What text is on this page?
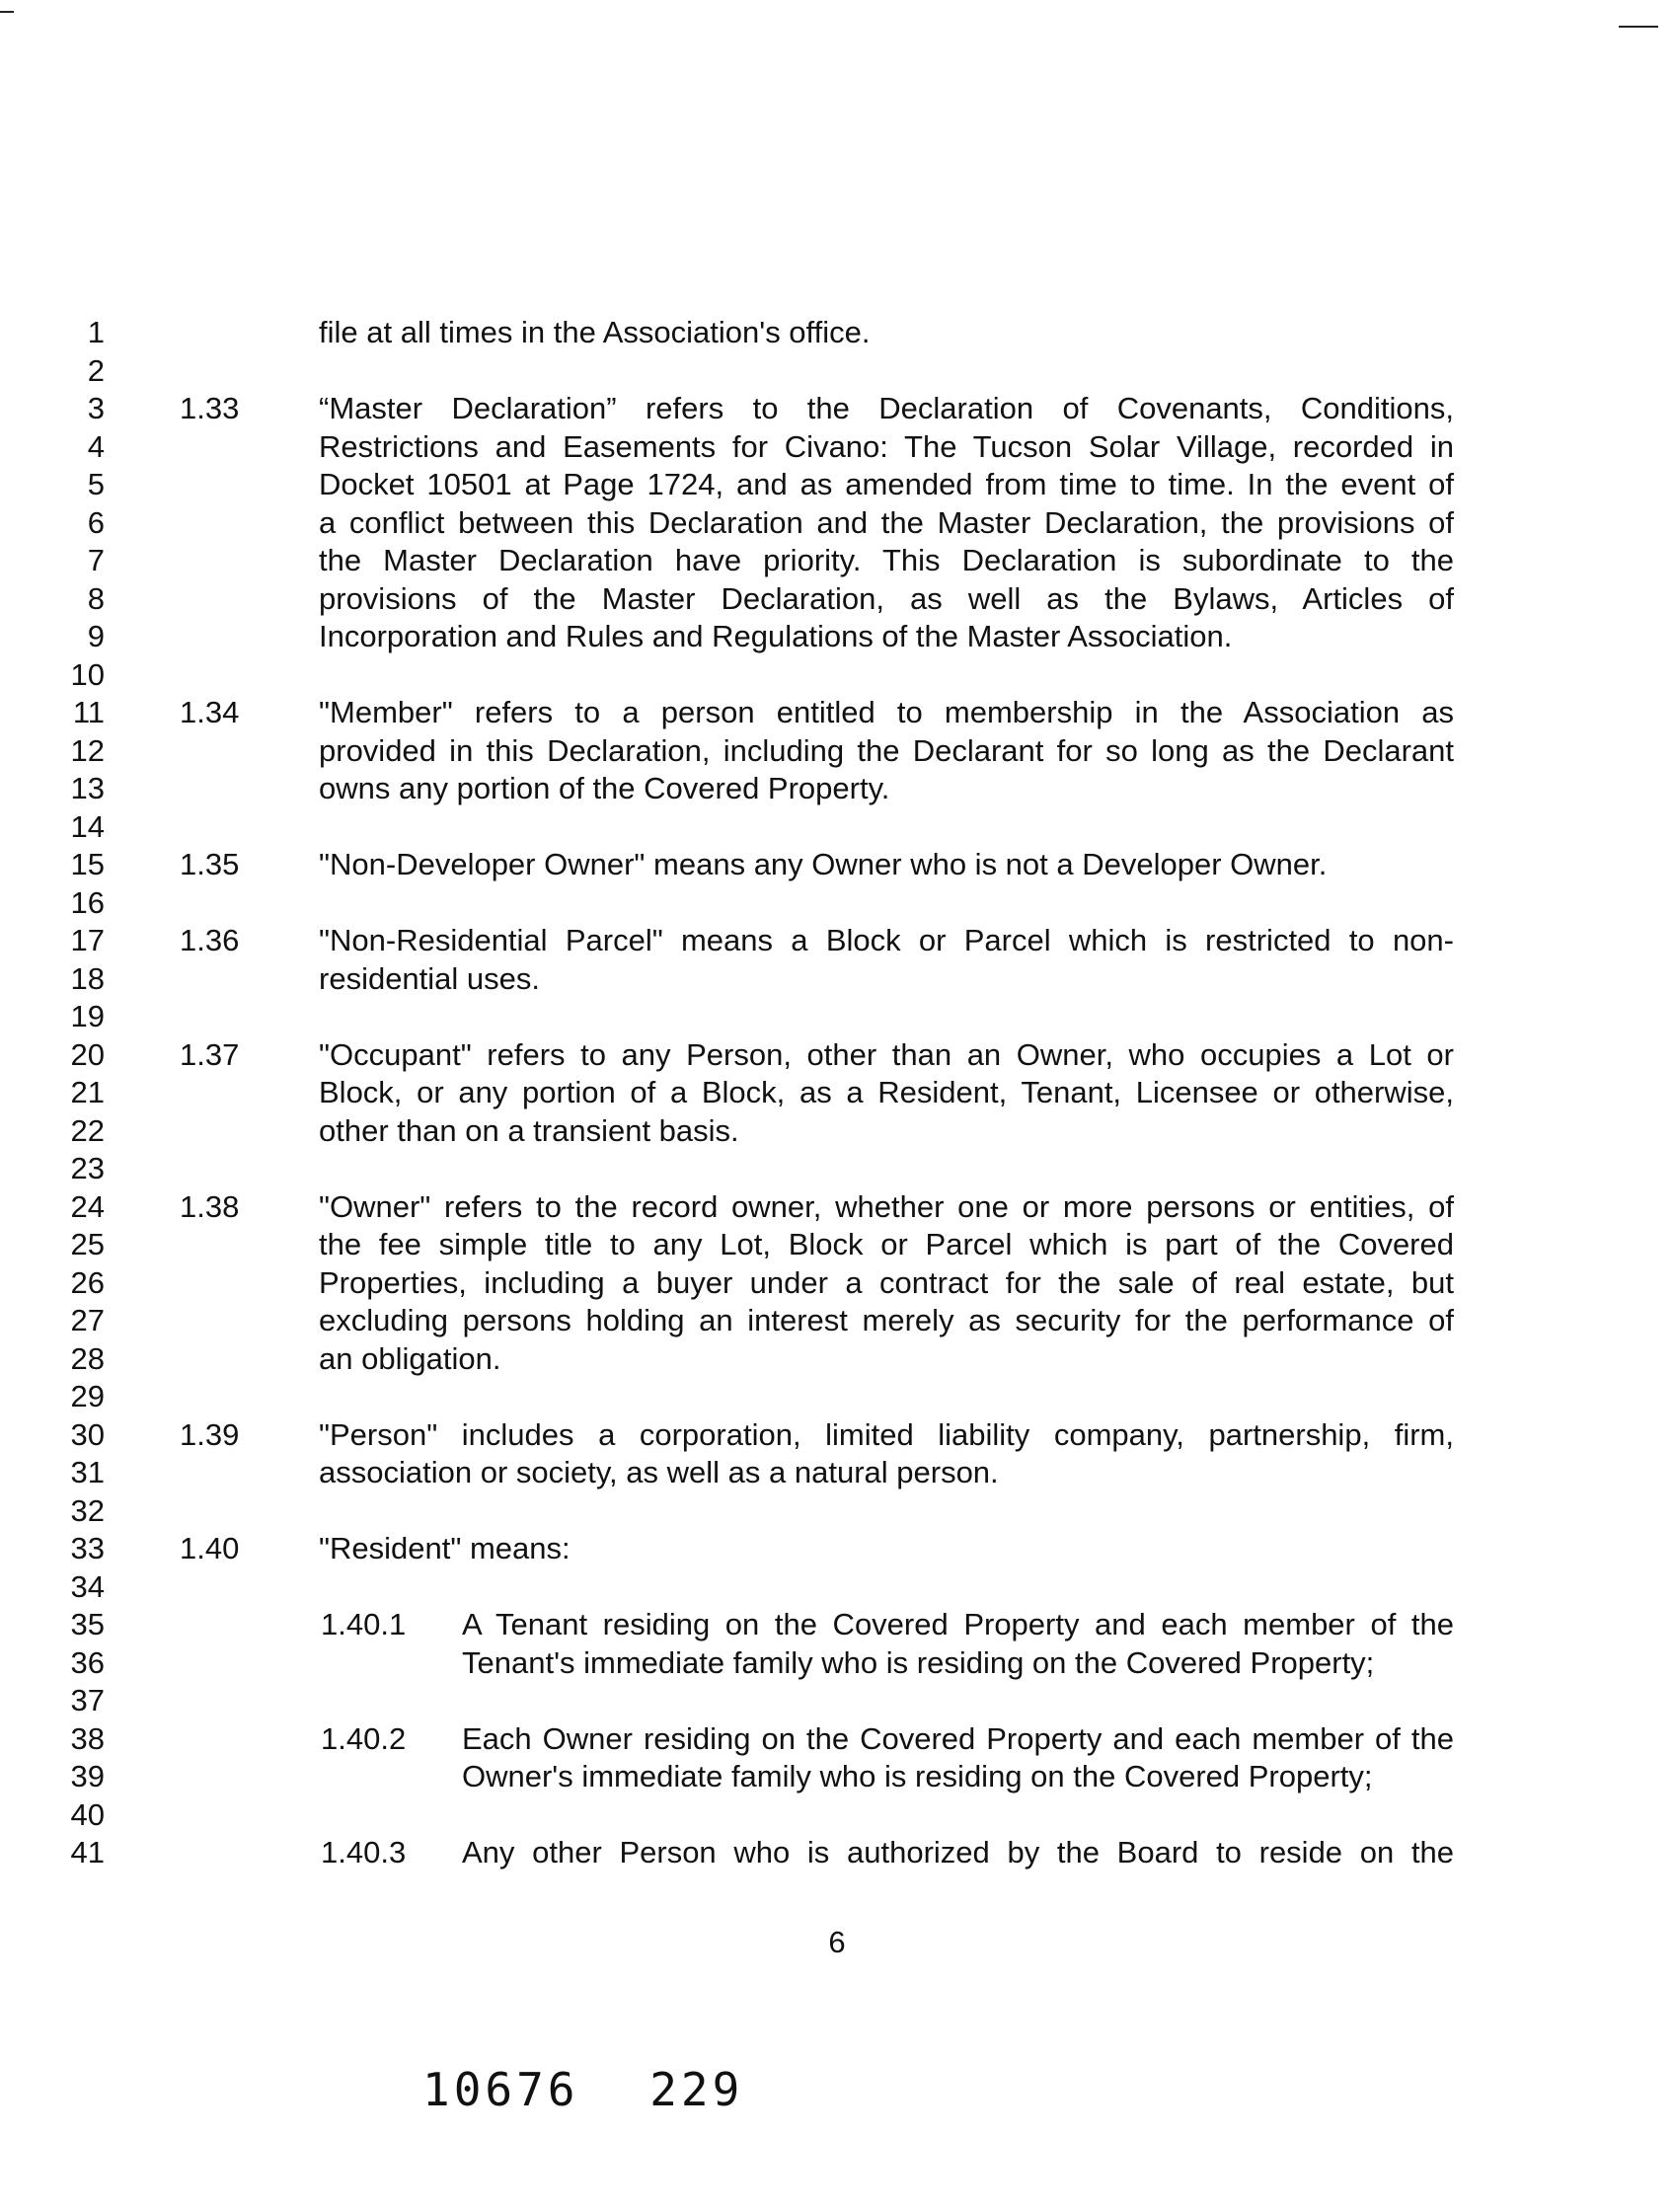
1	file at all times in the Association's office.
2
3 1.33	“Master Declaration” refers to the Declaration of Covenants, Conditions,
4	Restrictions and Easements for Civano: The Tucson Solar Village, recorded in
5	Docket 10501 at Page 1724, and as amended from time to time. In the event of
6	a conflict between this Declaration and the Master Declaration, the provisions of
7	the Master Declaration have priority. This Declaration is subordinate to the
8	provisions of the Master Declaration, as well as the Bylaws, Articles of
9	Incorporation and Rules and Regulations of the Master Association.
10
11 1.34	"Member" refers to a person entitled to membership in the Association as
12	provided in this Declaration, including the Declarant for so long as the Declarant
13	owns any portion of the Covered Property.
14
15 1.35	"Non-Developer Owner" means any Owner who is not a Developer Owner.
16
17 1.36	"Non-Residential Parcel" means a Block or Parcel which is restricted to non-
18	residential uses.
19
20 1.37	"Occupant" refers to any Person, other than an Owner, who occupies a Lot or
21	Block, or any portion of a Block, as a Resident, Tenant, Licensee or otherwise,
22	other than on a transient basis.
23
24 1.38	"Owner" refers to the record owner, whether one or more persons or entities, of
25	the fee simple title to any Lot, Block or Parcel which is part of the Covered
26	Properties, including a buyer under a contract for the sale of real estate, but
27	excluding persons holding an interest merely as security for the performance of
28	an obligation.
29
30 1.39	"Person" includes a corporation, limited liability company, partnership, firm,
31	association or society, as well as a natural person.
32
33 1.40	"Resident" means:
34
35	1.40.1 A Tenant residing on the Covered Property and each member of the
36	Tenant's immediate family who is residing on the Covered Property;
37
38	1.40.2 Each Owner residing on the Covered Property and each member of the
39	Owner's immediate family who is residing on the Covered Property;
40
41	1.40.3 Any other Person who is authorized by the Board to reside on the
6
10676 229
